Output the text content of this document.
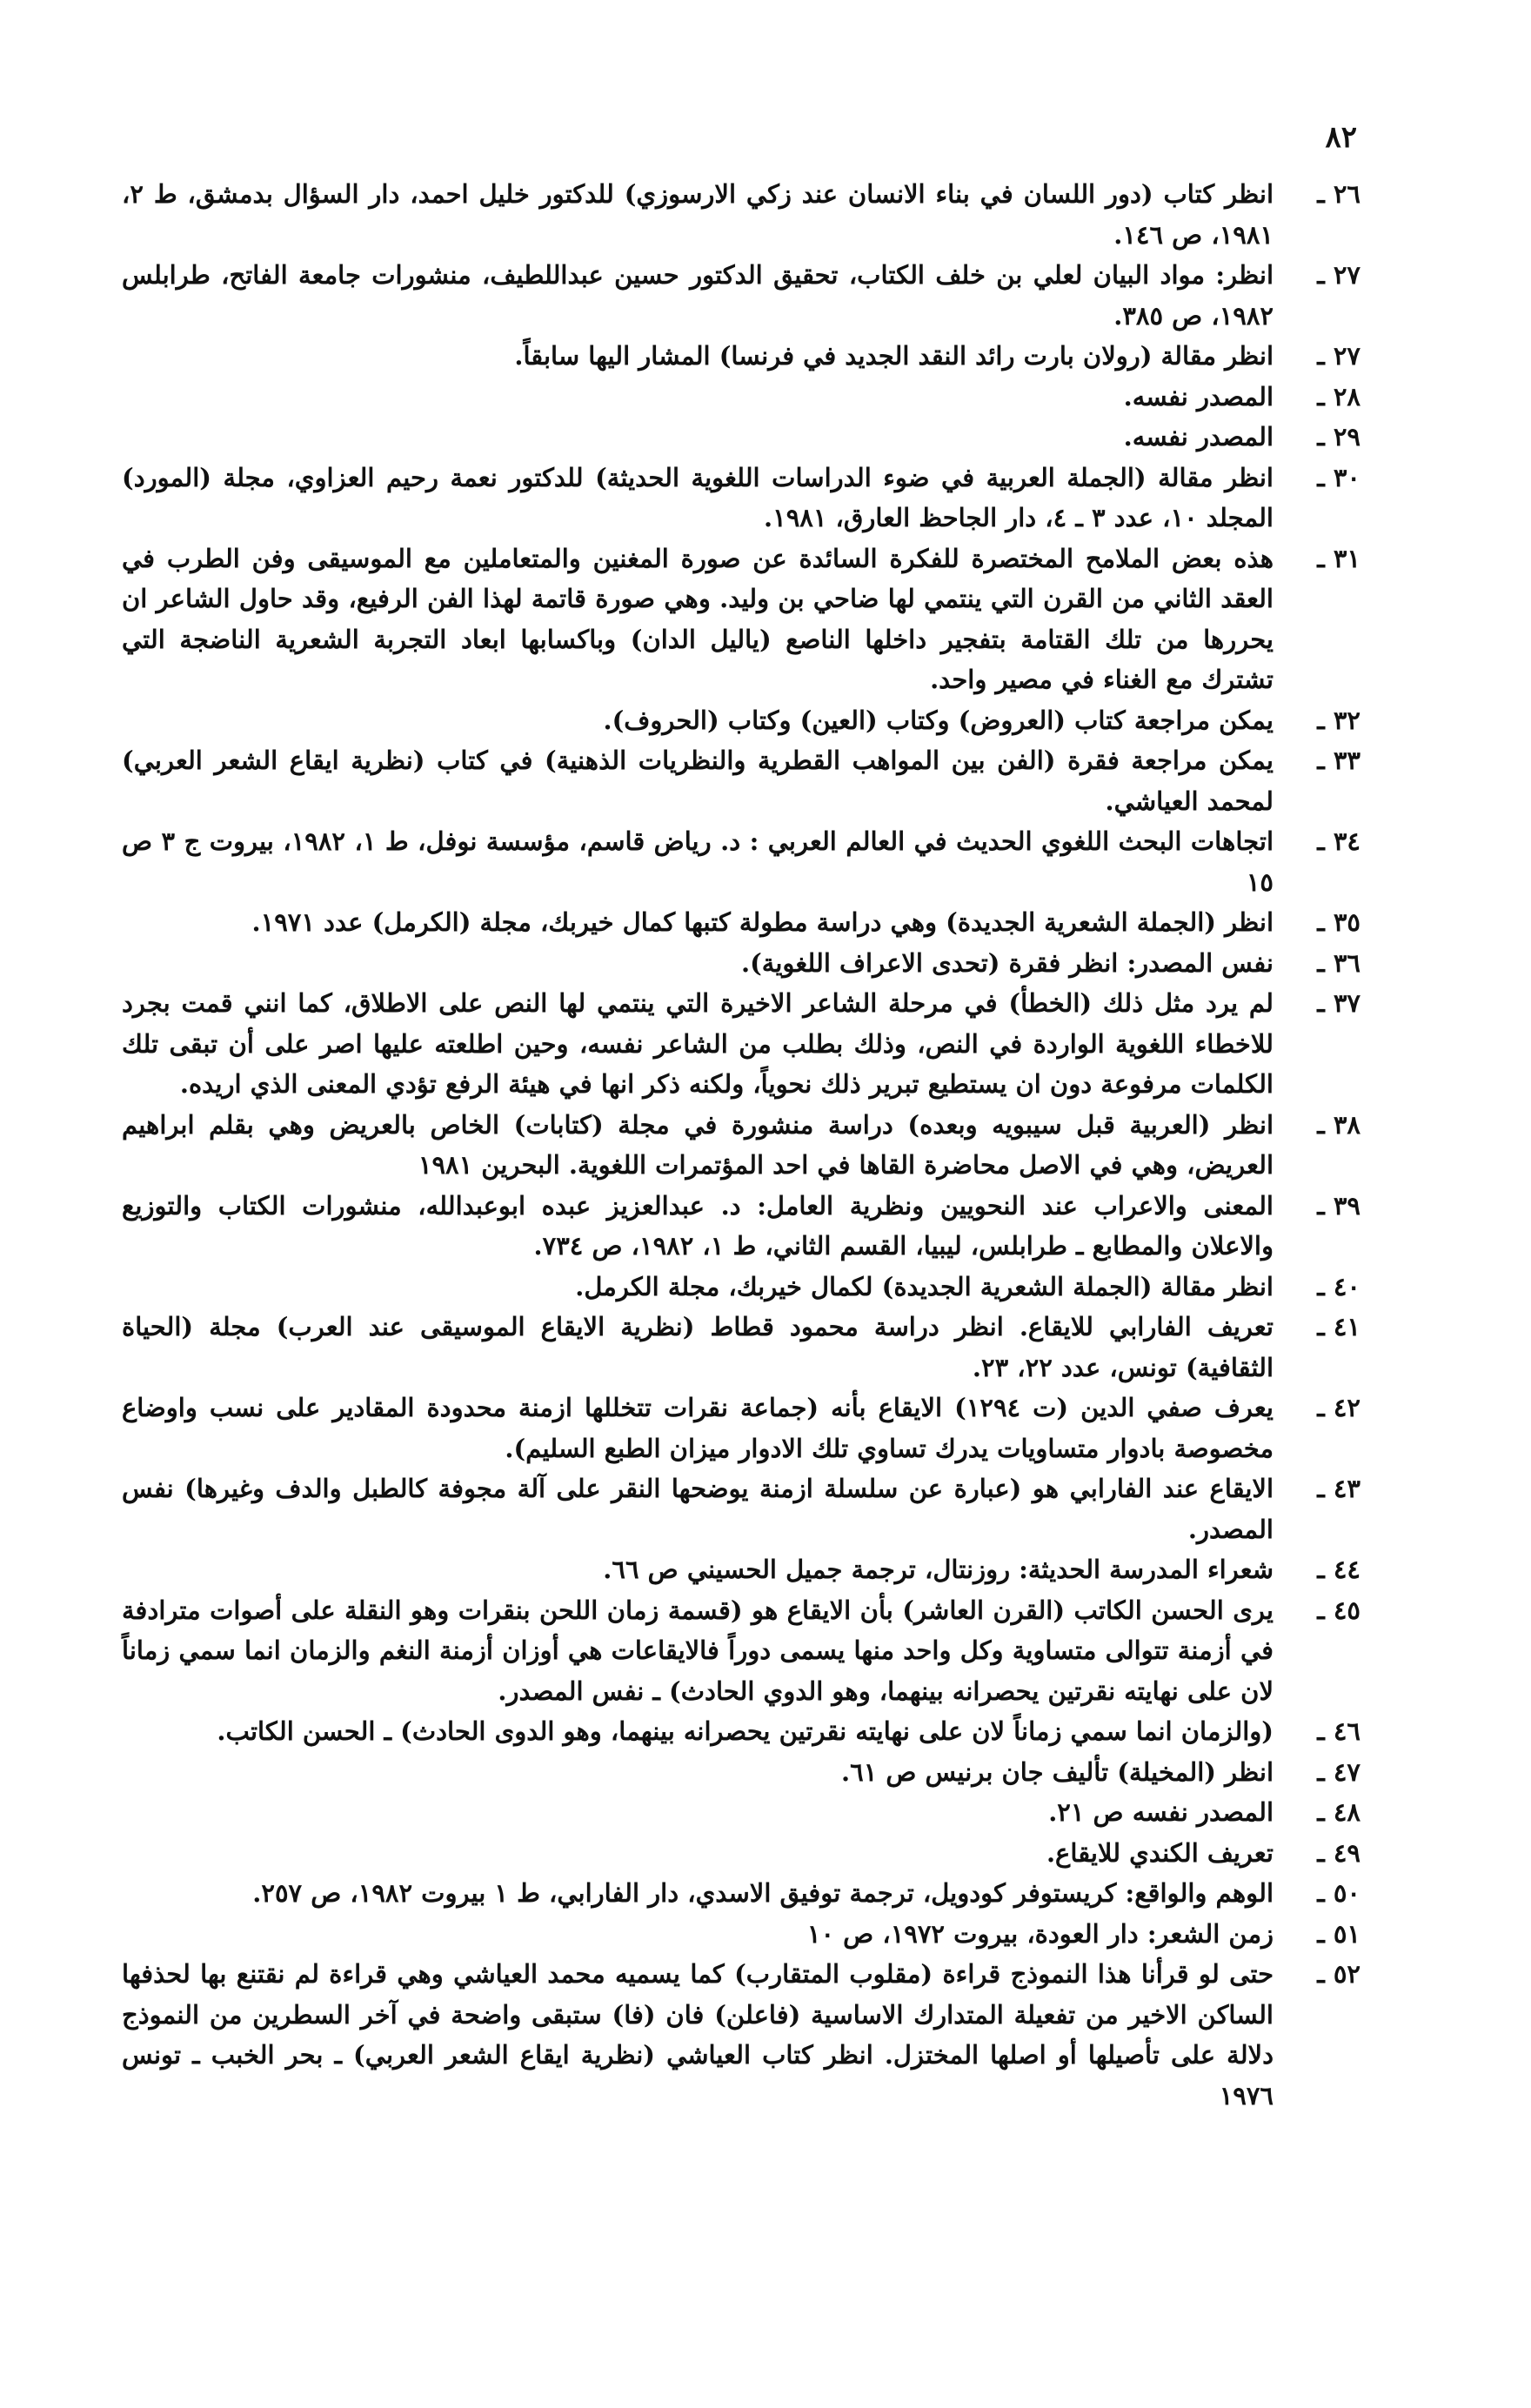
٨٢
٢٦ ـ
انظر كتاب (دور اللسان في بناء الانسان عند زكي الارسوزي) للدكتور خليل احمد، دار السؤال بدمشق، ط ٢، ١٩٨١، ص ١٤٦.
٢٧ ـ
انظر: مواد البيان لعلي بن خلف الكتاب، تحقيق الدكتور حسين عبداللطيف، منشورات جامعة الفاتح، طرابلس ١٩٨٢، ص ٣٨٥.
٢٧ ـ
انظر مقالة (رولان بارت رائد النقد الجديد في فرنسا) المشار اليها سابقاً.
٢٨ ـ
المصدر نفسه.
٢٩ ـ
المصدر نفسه.
٣٠ ـ
انظر مقالة (الجملة العربية في ضوء الدراسات اللغوية الحديثة) للدكتور نعمة رحيم العزاوي، مجلة (المورد) المجلد ١٠، عدد ٣ ـ ٤، دار الجاحظ العارق، ١٩٨١.
٣١ ـ
هذه بعض الملامح المختصرة للفكرة السائدة عن صورة المغنين والمتعاملين مع الموسيقى وفن الطرب في العقد الثاني من القرن التي ينتمي لها ضاحي بن وليد. وهي صورة قاتمة لهذا الفن الرفيع، وقد حاول الشاعر ان يحررها من تلك القتامة بتفجير داخلها الناصع (ياليل الدان) وباكسابها ابعاد التجربة الشعرية الناضجة التي تشترك مع الغناء في مصير واحد.
٣٢ ـ
يمكن مراجعة كتاب (العروض) وكتاب (العين) وكتاب (الحروف).
٣٣ ـ
يمكن مراجعة فقرة (الفن بين المواهب القطرية والنظريات الذهنية) في كتاب (نظرية ايقاع الشعر العربي) لمحمد العياشي.
٣٤ ـ
اتجاهات البحث اللغوي الحديث في العالم العربي : د. رياض قاسم، مؤسسة نوفل، ط ١، ١٩٨٢، بيروت ج ٣ ص ١٥
٣٥ ـ
انظر (الجملة الشعرية الجديدة) وهي دراسة مطولة كتبها كمال خيربك، مجلة (الكرمل) عدد ١٩٧١.
٣٦ ـ
نفس المصدر: انظر فقرة (تحدى الاعراف اللغوية).
٣٧ ـ
لم يرد مثل ذلك (الخطأ) في مرحلة الشاعر الاخيرة التي ينتمي لها النص على الاطلاق، كما انني قمت بجرد للاخطاء اللغوية الواردة في النص، وذلك بطلب من الشاعر نفسه، وحين اطلعته عليها اصر على أن تبقى تلك الكلمات مرفوعة دون ان يستطيع تبرير ذلك نحوياً، ولكنه ذكر انها في هيئة الرفع تؤدي المعنى الذي اريده.
٣٨ ـ
انظر (العربية قبل سيبويه وبعده) دراسة منشورة في مجلة (كتابات) الخاص بالعريض وهي بقلم ابراهيم العريض، وهي في الاصل محاضرة القاها في احد المؤتمرات اللغوية. البحرين ١٩٨١
٣٩ ـ
المعنى والاعراب عند النحويين ونظرية العامل: د. عبدالعزيز عبده ابوعبدالله، منشورات الكتاب والتوزيع والاعلان والمطابع ـ طرابلس، ليبيا، القسم الثاني، ط ١، ١٩٨٢، ص ٧٣٤.
٤٠ ـ
انظر مقالة (الجملة الشعرية الجديدة) لكمال خيربك، مجلة الكرمل.
٤١ ـ
تعريف الفارابي للايقاع. انظر دراسة محمود قطاط (نظرية الايقاع الموسيقى عند العرب) مجلة (الحياة الثقافية) تونس، عدد ٢٢، ٢٣.
٤٢ ـ
يعرف صفي الدين (ت ١٢٩٤) الايقاع بأنه (جماعة نقرات تتخللها ازمنة محدودة المقادير على نسب واوضاع مخصوصة بادوار متساويات يدرك تساوي تلك الادوار ميزان الطبع السليم).
٤٣ ـ
الايقاع عند الفارابي هو (عبارة عن سلسلة ازمنة يوضحها النقر على آلة مجوفة كالطبل والدف وغيرها) نفس المصدر.
٤٤ ـ
شعراء المدرسة الحديثة: روزنتال، ترجمة جميل الحسيني ص ٦٦.
٤٥ ـ
يرى الحسن الكاتب (القرن العاشر) بأن الايقاع هو (قسمة زمان اللحن بنقرات وهو النقلة على أصوات مترادفة في أزمنة تتوالى متساوية وكل واحد منها يسمى دوراً فالايقاعات هي أوزان أزمنة النغم والزمان انما سمي زماناً لان على نهايته نقرتين يحصرانه بينهما، وهو الدوي الحادث) ـ نفس المصدر.
٤٦ ـ
(والزمان انما سمي زماناً لان على نهايته نقرتين يحصرانه بينهما، وهو الدوى الحادث) ـ الحسن الكاتب.
٤٧ ـ
انظر (المخيلة) تأليف جان برنيس ص ٦١.
٤٨ ـ
المصدر نفسه ص ٢١.
٤٩ ـ
تعريف الكندي للايقاع.
٥٠ ـ
الوهم والواقع: كريستوفر كودويل، ترجمة توفيق الاسدي، دار الفارابي، ط ١ بيروت ١٩٨٢، ص ٢٥٧.
٥١ ـ
زمن الشعر: دار العودة، بيروت ١٩٧٢، ص ١٠
٥٢ ـ
حتى لو قرأنا هذا النموذج قراءة (مقلوب المتقارب) كما يسميه محمد العياشي وهي قراءة لم نقتنع بها لحذفها الساكن الاخير من تفعيلة المتدارك الاساسية (فاعلن) فان (فا) ستبقى واضحة في آخر السطرين من النموذج دلالة على تأصيلها أو اصلها المختزل. انظر كتاب العياشي (نظرية ايقاع الشعر العربي) ـ بحر الخبب ـ تونس ١٩٧٦
